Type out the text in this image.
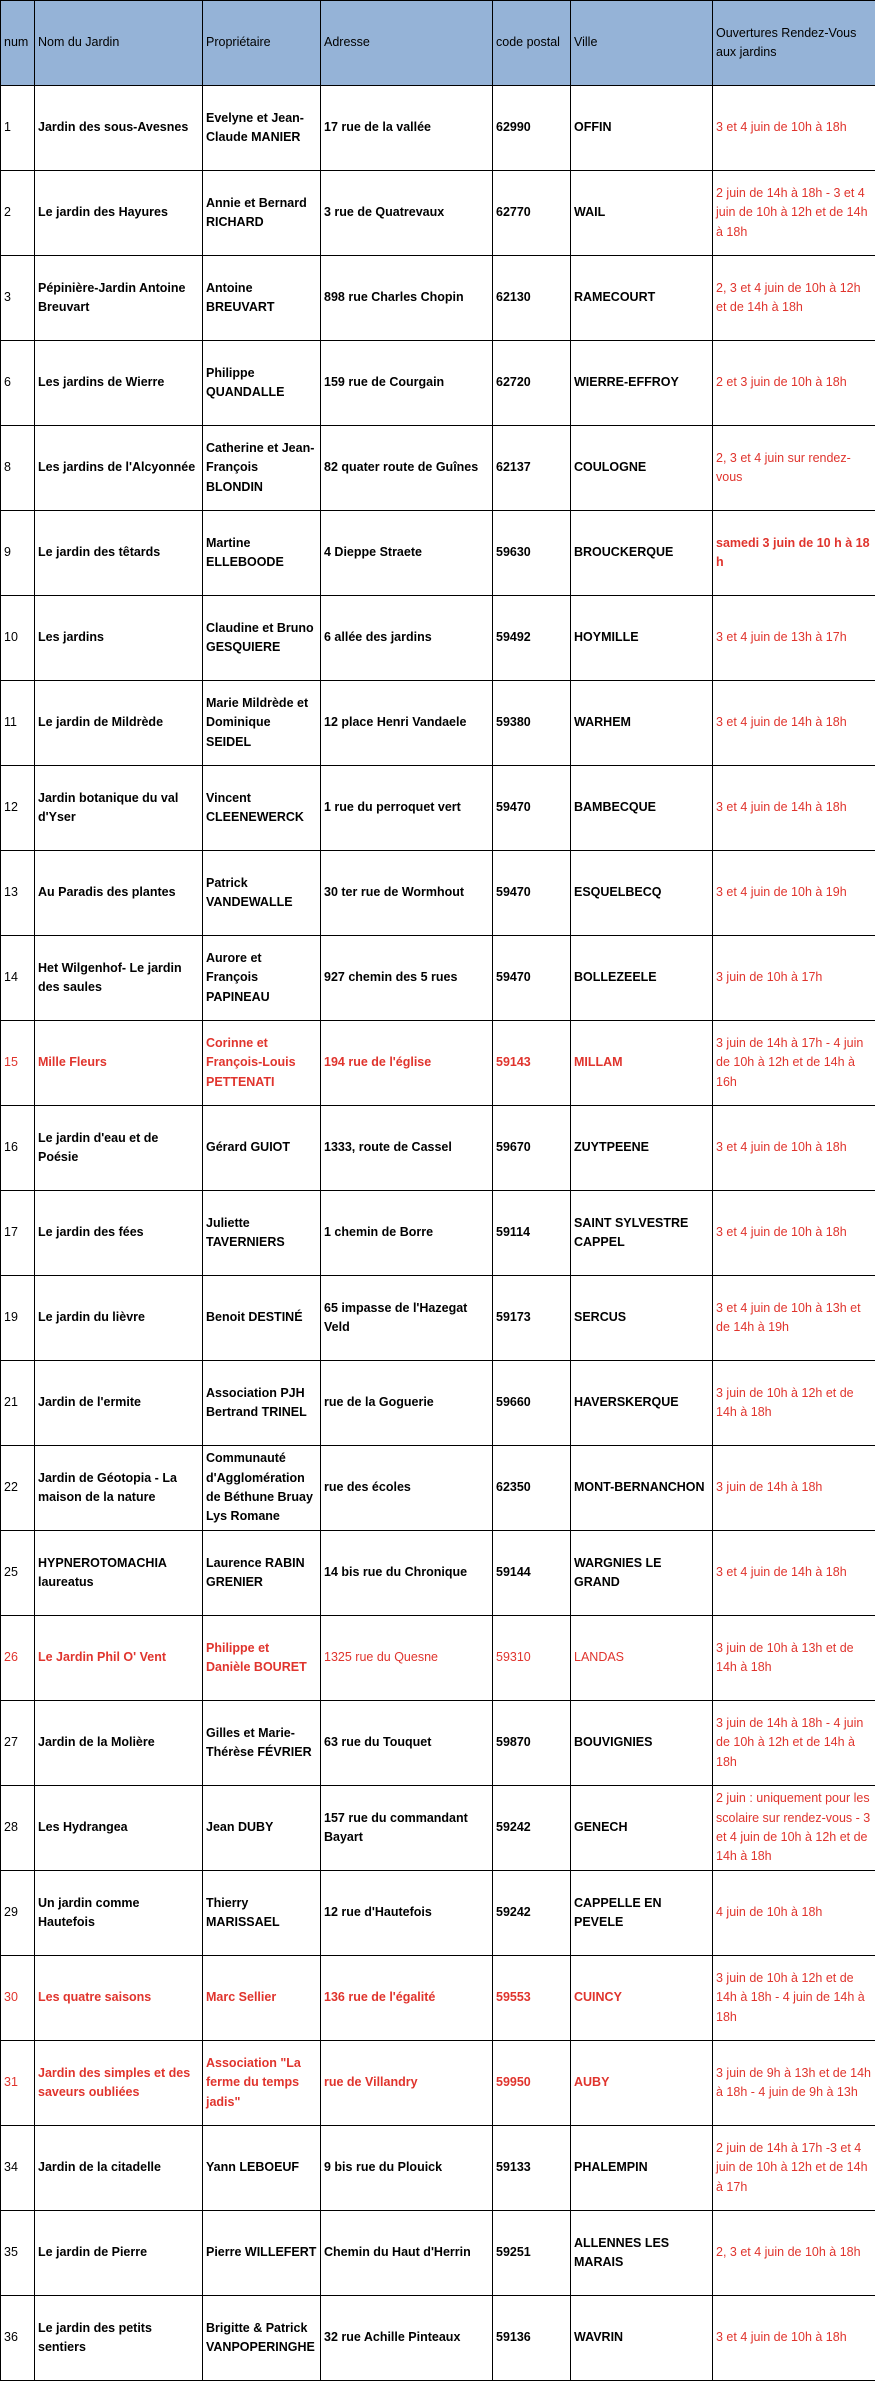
num	Nom du Jardin	Propriétaire	Adresse	code postal	Ville	Ouvertures Rendez-Vous aux jardins
1	Jardin des sous-Avesnes	Evelyne et Jean-Claude MANIER	17 rue de la vallée	62990	OFFIN	3 et 4 juin de 10h à 18h
2	Le jardin des Hayures	Annie et Bernard RICHARD	3 rue de Quatrevaux	62770	WAIL	2 juin de 14h à 18h - 3 et 4 juin de 10h à 12h et de 14h à 18h
3	Pépinière-Jardin Antoine Breuvart	Antoine BREUVART	898 rue Charles Chopin	62130	RAMECOURT	2, 3 et 4 juin de 10h à 12h et de 14h à 18h
6	Les jardins de Wierre	Philippe QUANDALLE	159 rue de Courgain	62720	WIERRE-EFFROY	2 et 3 juin de 10h à 18h
8	Les jardins de l'Alcyonnée	Catherine et Jean-François BLONDIN	82 quater route de Guînes	62137	COULOGNE	2, 3 et 4 juin sur rendez-vous
9	Le jardin des têtards	Martine ELLEBOODE	4 Dieppe Straete	59630	BROUCKERQUE	samedi 3 juin de 10 h à 18 h
10	Les jardins	Claudine et Bruno GESQUIERE	6 allée des jardins	59492	HOYMILLE	3 et 4 juin de 13h à 17h
11	Le jardin de Mildrède	Marie Mildrède et Dominique SEIDEL	12 place Henri Vandaele	59380	WARHEM	3 et 4 juin de 14h à 18h
12	Jardin botanique du val d'Yser	Vincent CLEENEWERCK	1 rue du perroquet vert	59470	BAMBECQUE	3 et 4 juin de 14h à 18h
13	Au Paradis des plantes	Patrick VANDEWALLE	30 ter rue de Wormhout	59470	ESQUELBECQ	3 et 4 juin de 10h à 19h
14	Het Wilgenhof- Le jardin des saules	Aurore et François PAPINEAU	927 chemin des 5 rues	59470	BOLLEZEELE	3 juin de 10h à 17h
15	Mille Fleurs	Corinne et François-Louis PETTENATI	194 rue de l'église	59143	MILLAM	3 juin de 14h à 17h - 4 juin de 10h à 12h et de 14h à 16h
16	Le jardin d'eau et de Poésie	Gérard GUIOT	1333, route de Cassel	59670	ZUYTPEENE	3 et 4 juin de 10h à 18h
17	Le jardin des fées	Juliette TAVERNIERS	1 chemin de Borre	59114	SAINT SYLVESTRE CAPPEL	3 et 4 juin de 10h à 18h
19	Le jardin du lièvre	Benoit DESTINÉ	65 impasse de l'Hazegat Veld	59173	SERCUS	3 et 4 juin de 10h à 13h et de 14h à 19h
21	Jardin de l'ermite	Association PJH Bertrand TRINEL	rue de la Goguerie	59660	HAVERSKERQUE	3 juin de 10h à 12h et de 14h à 18h
22	Jardin de Géotopia - La maison de la nature	Communauté d'Agglomération de Béthune Bruay Lys Romane	rue des écoles	62350	MONT-BERNANCHON	3 juin de 14h à 18h
25	HYPNEROTOMACHIA laureatus	Laurence RABIN GRENIER	14 bis rue du Chronique	59144	WARGNIES LE GRAND	3 et 4 juin de 14h à 18h
26	Le Jardin Phil O' Vent	Philippe et Danièle BOURET	1325 rue du Quesne	59310	LANDAS	3 juin de 10h à 13h et de 14h à 18h
27	Jardin de la Molière	Gilles et Marie-Thérèse FÉVRIER	63 rue du Touquet	59870	BOUVIGNIES	3 juin de 14h à 18h - 4 juin de 10h à 12h et de 14h à 18h
28	Les Hydrangea	Jean DUBY	157 rue du commandant Bayart	59242	GENECH	2 juin : uniquement pour les scolaire sur rendez-vous - 3 et 4 juin de 10h à 12h et de 14h à 18h
29	Un jardin comme Hautefois	Thierry MARISSAEL	12 rue d'Hautefois	59242	CAPPELLE EN PEVELE	4 juin de 10h à 18h
30	Les quatre saisons	Marc Sellier	136 rue de l'égalité	59553	CUINCY	3 juin de 10h à 12h et de 14h à 18h - 4 juin de 14h à 18h
31	Jardin des simples et des saveurs oubliées	Association "La ferme du temps jadis"	rue de Villandry	59950	AUBY	3 juin de 9h à 13h et de 14h à 18h - 4 juin de 9h à 13h
34	Jardin de la citadelle	Yann LEBOEUF	9 bis rue du Plouick	59133	PHALEMPIN	2 juin de 14h à 17h -3 et 4 juin de 10h à 12h et de 14h à 17h
35	Le jardin de Pierre	Pierre WILLEFERT	Chemin du Haut d'Herrin	59251	ALLENNES LES MARAIS	2, 3 et 4 juin de 10h à 18h
36	Le jardin des petits sentiers	Brigitte & Patrick VANPOPERINGHE	32 rue Achille Pinteaux	59136	WAVRIN	3 et 4 juin de 10h à 18h
